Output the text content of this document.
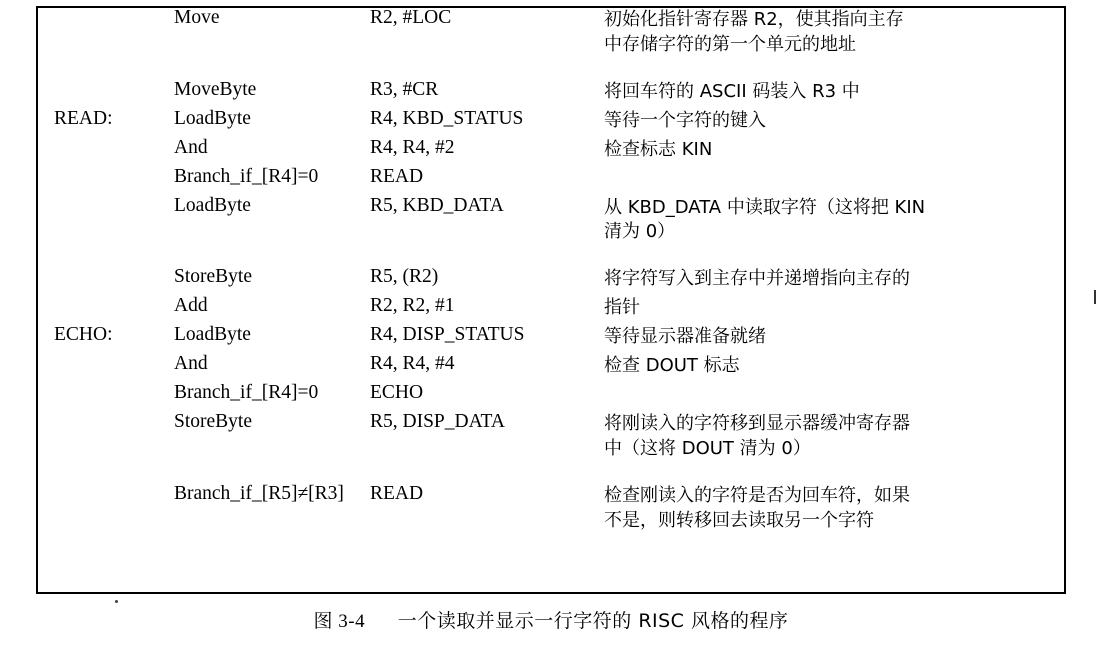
	Move	R2, #LOC	初始化指针寄存器 R2，使其指向主存
中存储字符的第一个单元的地址

	MoveByte	R3, #CR	将回车符的 ASCII 码装入 R3 中
READ:	LoadByte	R4, KBD_STATUS	等待一个字符的键入
	And	R4, R4, #2	检查标志 KIN
	Branch_if_[R4]=0	READ	
	LoadByte	R5, KBD_DATA	从 KBD_DATA 中读取字符（这将把 KIN
清为 0）

	StoreByte	R5, (R2)	将字符写入到主存中并递增指向主存的
	Add	R2, R2, #1	指针
ECHO:	LoadByte	R4, DISP_STATUS	等待显示器准备就绪
	And	R4, R4, #4	检查 DOUT 标志
	Branch_if_[R4]=0	ECHO	
	StoreByte	R5, DISP_DATA	将刚读入的字符移到显示器缓冲寄存器
中（这将 DOUT 清为 0）

	Branch_if_[R5]≠[R3]	READ	检查刚读入的字符是否为回车符，如果
不是，则转移回去读取另一个字符
图 3-4 一个读取并显示一行字符的 RISC 风格的程序
